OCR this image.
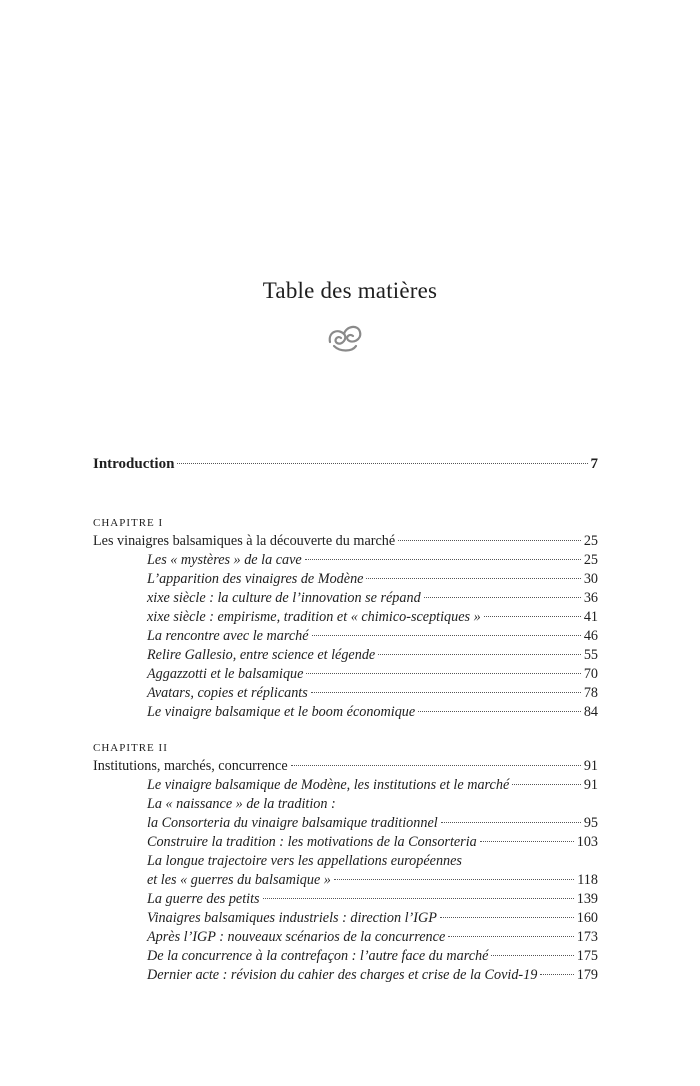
Table des matières
Introduction	7
CHAPITRE I
Les vinaigres balsamiques à la découverte du marché	25
Les « mystères » de la cave	25
L’apparition des vinaigres de Modène	30
xixe siècle : la culture de l’innovation se répand	36
xixe siècle : empirisme, tradition et « chimico-sceptiques »	41
La rencontre avec le marché	46
Relire Gallesio, entre science et légende	55
Aggazzotti et le balsamique	70
Avatars, copies et réplicants	78
Le vinaigre balsamique et le boom économique	84
CHAPITRE II
Institutions, marchés, concurrence	91
Le vinaigre balsamique de Modène, les institutions et le marché	91
La « naissance » de la tradition :
la Consorteria du vinaigre balsamique traditionnel	95
Construire la tradition : les motivations de la Consorteria	103
La longue trajectoire vers les appellations européennes
et les « guerres du balsamique »	118
La guerre des petits	139
Vinaigres balsamiques industriels : direction l’IGP	160
Après l’IGP : nouveaux scénarios de la concurrence	173
De la concurrence à la contrefaçon : l’autre face du marché	175
Dernier acte : révision du cahier des charges et crise de la Covid-19	179
